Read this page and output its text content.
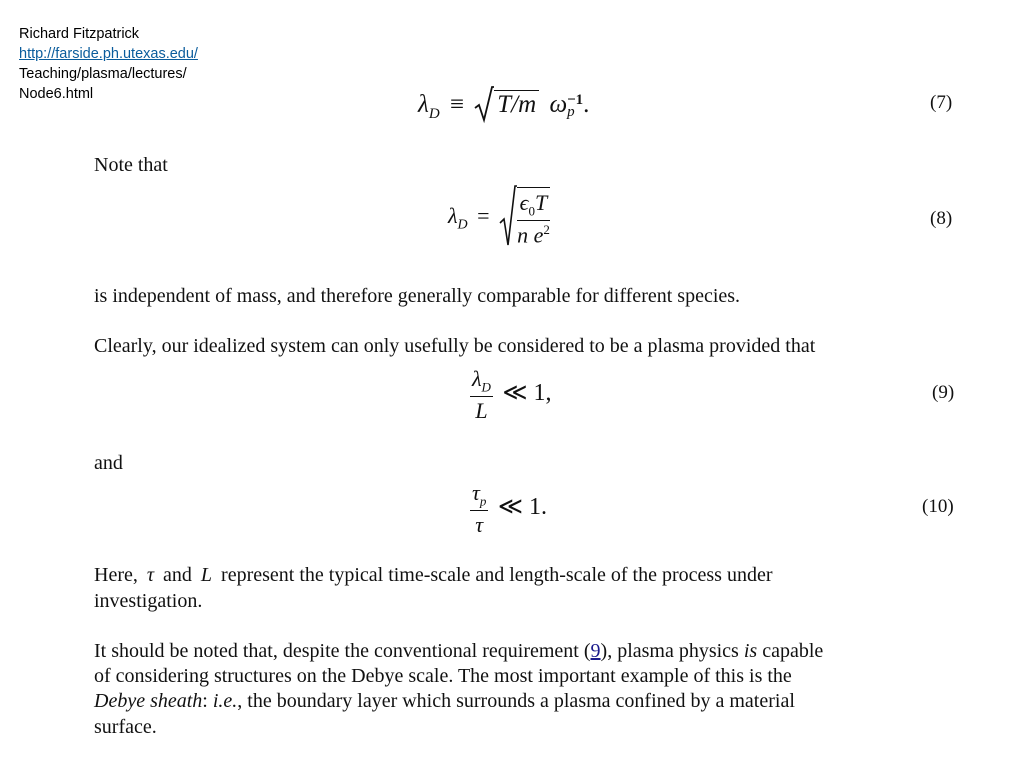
Richard Fitzpatrick
http://farside.ph.utexas.edu/
Teaching/plasma/lectures/
Node6.html	$\lambda_D \equiv T/m$ ω −1
p .	(7)
Note that
$\lambda_D = \frac{\epsilon_0T}{n e^2}$	(8)
is independent of mass, and therefore generally comparable for different species.
Clearly, our idealized system can only usefully be considered to be a plasma provided that
$\frac{\lambda_D}{L}$ ≪ 1,	(9)
and
$\frac{\tau_p}{\tau}$ ≪ 1.	(10)
Here, τ and L represent the typical time-scale and length-scale of the process under
investigation.
It should be noted that, despite the conventional requirement (9), plasma physics is capable
of considering structures on the Debye scale. The most important example of this is the
Debye sheath: i.e., the boundary layer which surrounds a plasma confined by a material
surface.
